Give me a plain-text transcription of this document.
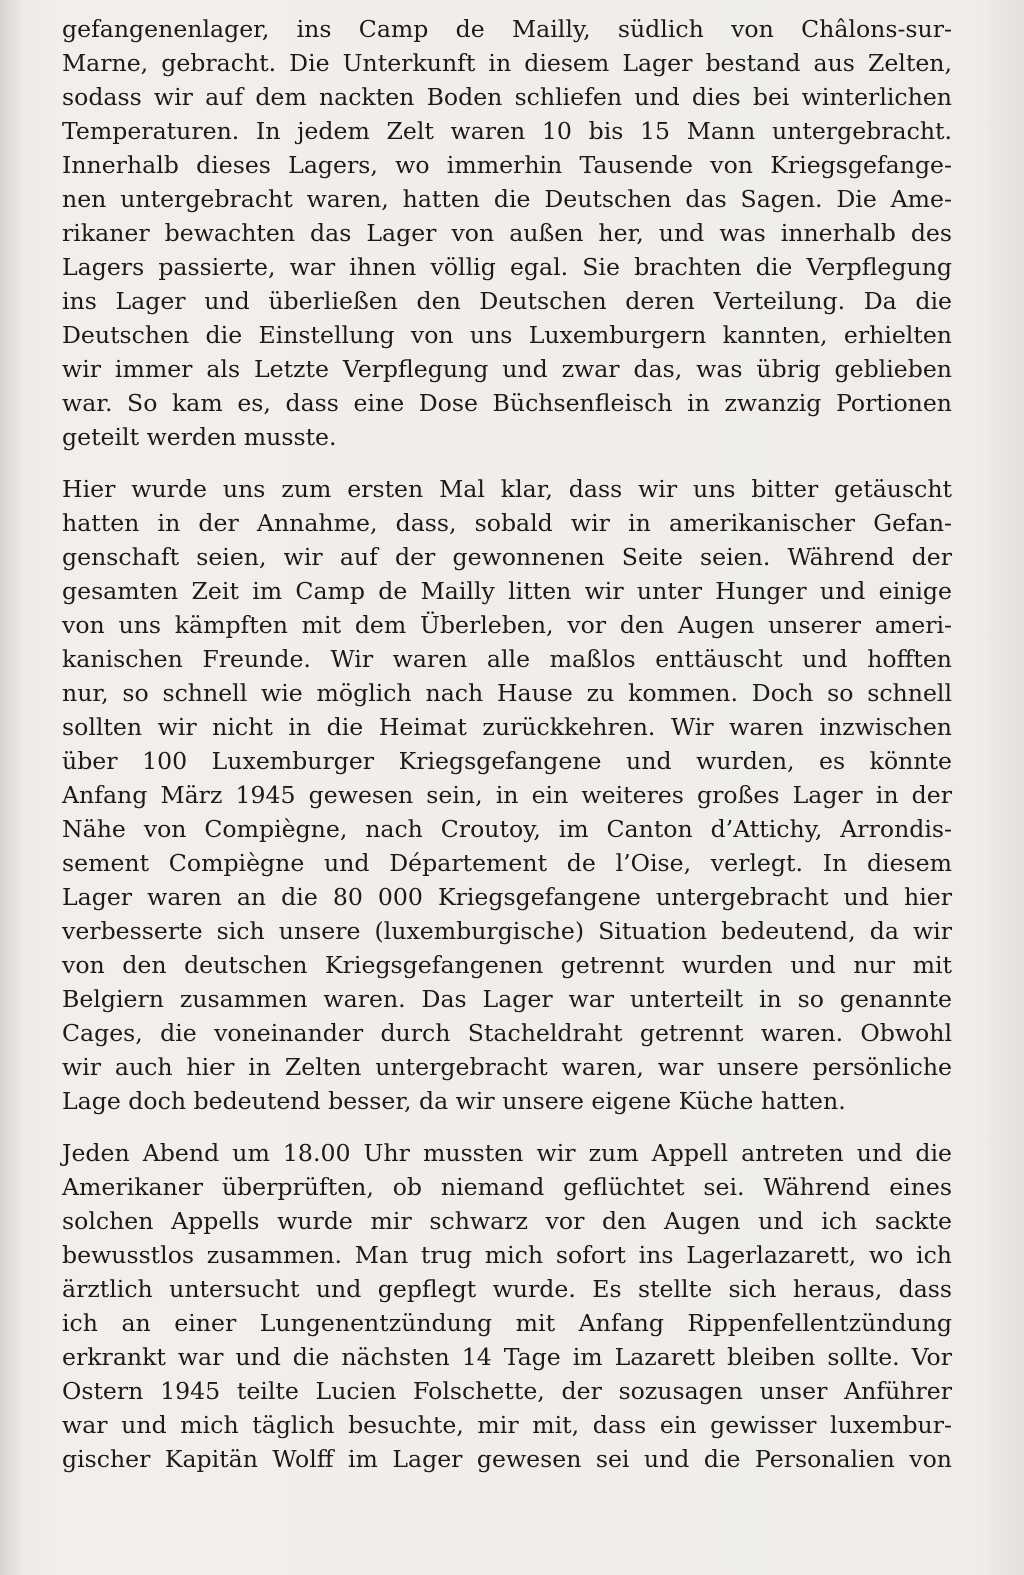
gefangenenlager, ins Camp de Mailly, südlich von Châlons-sur-
Marne, gebracht. Die Unterkunft in diesem Lager bestand aus Zelten,
sodass wir auf dem nackten Boden schliefen und dies bei winterlichen
Temperaturen. In jedem Zelt waren 10 bis 15 Mann untergebracht.
Innerhalb dieses Lagers, wo immerhin Tausende von Kriegsgefange-
nen untergebracht waren, hatten die Deutschen das Sagen. Die Ame-
rikaner bewachten das Lager von außen her, und was innerhalb des
Lagers passierte, war ihnen völlig egal. Sie brachten die Verpflegung
ins Lager und überließen den Deutschen deren Verteilung. Da die
Deutschen die Einstellung von uns Luxemburgern kannten, erhielten
wir immer als Letzte Verpflegung und zwar das, was übrig geblieben
war. So kam es, dass eine Dose Büchsenfleisch in zwanzig Portionen
geteilt werden musste.
Hier wurde uns zum ersten Mal klar, dass wir uns bitter getäuscht
hatten in der Annahme, dass, sobald wir in amerikanischer Gefan-
genschaft seien, wir auf der gewonnenen Seite seien. Während der
gesamten Zeit im Camp de Mailly litten wir unter Hunger und einige
von uns kämpften mit dem Überleben, vor den Augen unserer ameri-
kanischen Freunde. Wir waren alle maßlos enttäuscht und hofften
nur, so schnell wie möglich nach Hause zu kommen. Doch so schnell
sollten wir nicht in die Heimat zurückkehren. Wir waren inzwischen
über 100 Luxemburger Kriegsgefangene und wurden, es könnte
Anfang März 1945 gewesen sein, in ein weiteres großes Lager in der
Nähe von Compiègne, nach Croutoy, im Canton d’Attichy, Arrondis-
sement Compiègne und Département de l’Oise, verlegt. In diesem
Lager waren an die 80 000 Kriegsgefangene untergebracht und hier
verbesserte sich unsere (luxemburgische) Situation bedeutend, da wir
von den deutschen Kriegsgefangenen getrennt wurden und nur mit
Belgiern zusammen waren. Das Lager war unterteilt in so genannte
Cages, die voneinander durch Stacheldraht getrennt waren. Obwohl
wir auch hier in Zelten untergebracht waren, war unsere persönliche
Lage doch bedeutend besser, da wir unsere eigene Küche hatten.
Jeden Abend um 18.00 Uhr mussten wir zum Appell antreten und die
Amerikaner überprüften, ob niemand geflüchtet sei. Während eines
solchen Appells wurde mir schwarz vor den Augen und ich sackte
bewusstlos zusammen. Man trug mich sofort ins Lagerlazarett, wo ich
ärztlich untersucht und gepflegt wurde. Es stellte sich heraus, dass
ich an einer Lungenentzündung mit Anfang Rippenfellentzündung
erkrankt war und die nächsten 14 Tage im Lazarett bleiben sollte. Vor
Ostern 1945 teilte Lucien Folschette, der sozusagen unser Anführer
war und mich täglich besuchte, mir mit, dass ein gewisser luxembur-
gischer Kapitän Wolff im Lager gewesen sei und die Personalien von
